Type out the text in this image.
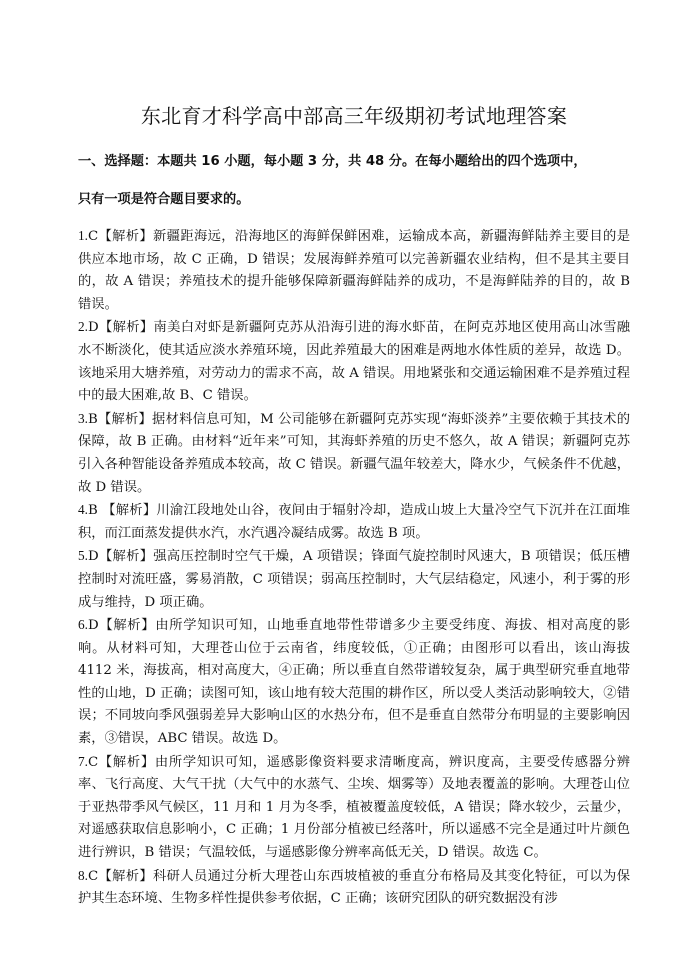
东北育才科学高中部高三年级期初考试地理答案

一、选择题：本题共 16 小题，每小题 3 分，共 48 分。在每小题给出的四个选项中，

只有一项是符合题目要求的。

1.C【解析】新疆距海远，沿海地区的海鲜保鲜困难，运输成本高，新疆海鲜陆养主要目的是供应本地市场，故 C 正确，D 错误；发展海鲜养殖可以完善新疆农业结构，但不是其主要目的，故 A 错误；养殖技术的提升能够保障新疆海鲜陆养的成功，不是海鲜陆养的目的，故 B 错误。

2.D【解析】南美白对虾是新疆阿克苏从沿海引进的海水虾苗，在阿克苏地区使用高山冰雪融水不断淡化，使其适应淡水养殖环境，因此养殖最大的困难是两地水体性质的差异，故选 D。该地采用大塘养殖，对劳动力的需求不高，故 A 错误。用地紧张和交通运输困难不是养殖过程中的最大困难,故 B、C 错误。

3.B【解析】据材料信息可知，M 公司能够在新疆阿克苏实现“海虾淡养”主要依赖于其技术的保障，故 B 正确。由材料“近年来”可知，其海虾养殖的历史不悠久，故 A 错误；新疆阿克苏引入各种智能设备养殖成本较高，故 C 错误。新疆气温年较差大，降水少，气候条件不优越，故 D 错误。

4.B 【解析】川渝江段地处山谷，夜间由于辐射冷却，造成山坡上大量冷空气下沉并在江面堆积，而江面蒸发提供水汽，水汽遇冷凝结成雾。故选 B 项。

5.D【解析】强高压控制时空气干燥，A 项错误；锋面气旋控制时风速大，B 项错误；低压槽控制时对流旺盛，雾易消散，C 项错误；弱高压控制时，大气层结稳定，风速小，利于雾的形成与维持，D 项正确。

6.D【解析】由所学知识可知，山地垂直地带性带谱多少主要受纬度、海拔、相对高度的影响。从材料可知，大理苍山位于云南省，纬度较低，①正确；由图形可以看出，该山海拔 4112 米，海拔高，相对高度大，④正确；所以垂直自然带谱较复杂，属于典型研究垂直地带性的山地，D 正确；读图可知，该山地有较大范围的耕作区，所以受人类活动影响较大，②错误；不同坡向季风强弱差异大影响山区的水热分布，但不是垂直自然带分布明显的主要影响因素，③错误，ABC 错误。故选 D。

7.C【解析】由所学知识可知，遥感影像资料要求清晰度高，辨识度高，主要受传感器分辨率、飞行高度、大气干扰（大气中的水蒸气、尘埃、烟雾等）及地表覆盖的影响。大理苍山位于亚热带季风气候区，11 月和 1 月为冬季，植被覆盖度较低，A 错误；降水较少，云量少，对遥感获取信息影响小，C 正确；1 月份部分植被已经落叶，所以遥感不完全是通过叶片颜色进行辨识，B 错误；气温较低，与遥感影像分辨率高低无关，D 错误。故选 C。

8.C【解析】科研人员通过分析大理苍山东西坡植被的垂直分布格局及其变化特征，可以为保护其生态环境、生物多样性提供参考依据，C 正确；该研究团队的研究数据没有涉
